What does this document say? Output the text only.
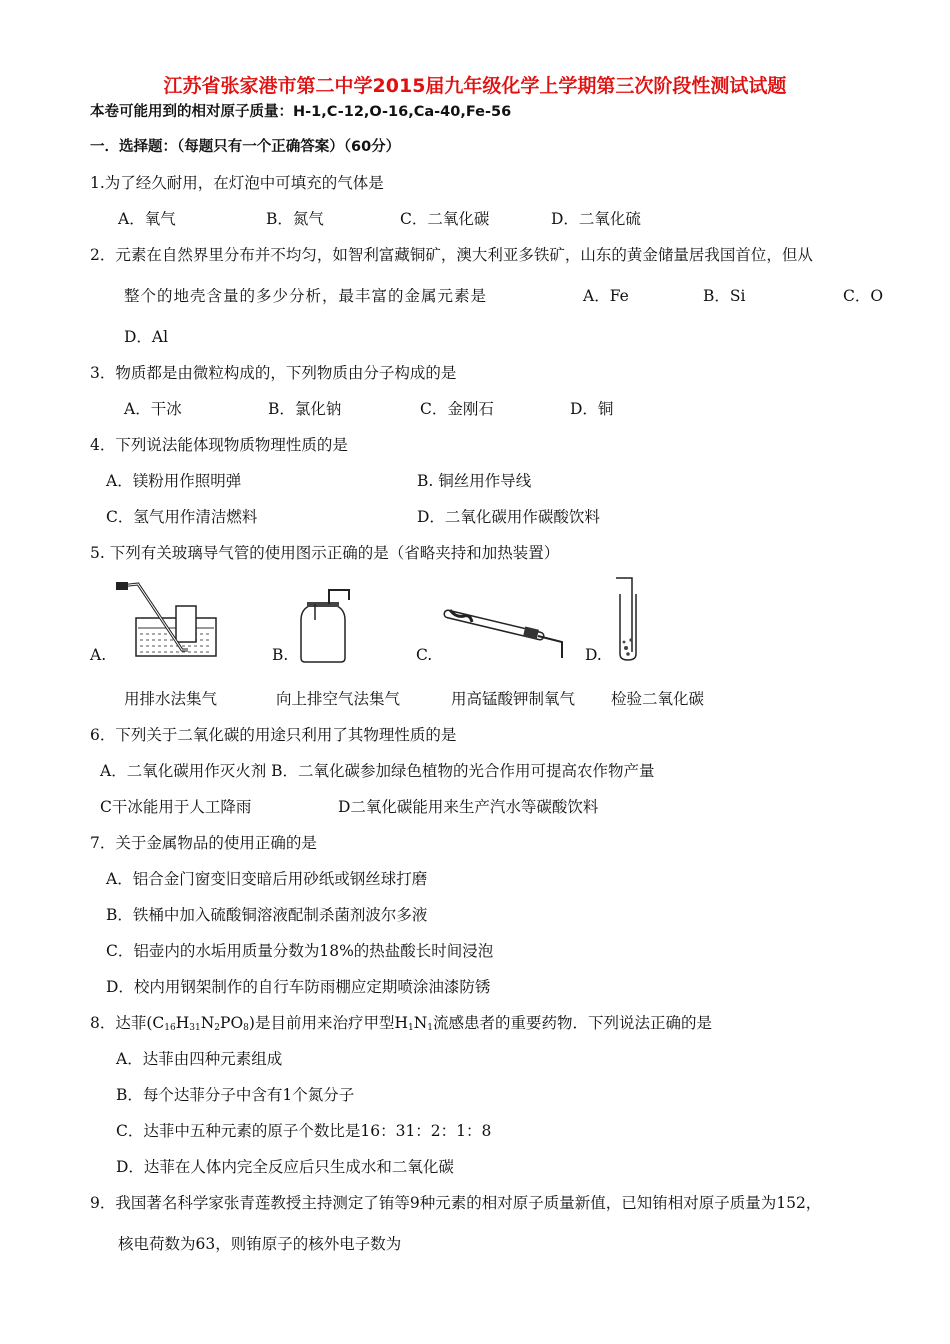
江苏省张家港市第二中学2015届九年级化学上学期第三次阶段性测试试题
本卷可能用到的相对原子质量：H-1,C-12,O-16,Ca-40,Fe-56
一．选择题：（每题只有一个正确答案）（60分）
1.为了经久耐用，在灯泡中可填充的气体是
A．氧气	B．氮气	C．二氧化碳	D．二氧化硫
2．元素在自然界里分布并不均匀，如智利富藏铜矿，澳大利亚多铁矿，山东的黄金储量居我国首位，但从
整个的地壳含量的多少分析，最丰富的金属元素是	A．Fe	B．Si	C．O
D．Al
3．物质都是由微粒构成的，下列物质由分子构成的是
A．干冰	B．氯化钠	C．金刚石	D．铜
4．下列说法能体现物质物理性质的是
A．镁粉用作照明弹	B. 铜丝用作导线
C．氢气用作清洁燃料	D．二氧化碳用作碳酸饮料
5. 下列有关玻璃导气管的使用图示正确的是（省略夹持和加热装置）
A.	B.	C.	D.
用排水法集气	向上排空气法集气	用高锰酸钾制氧气 检验二氧化碳
6．下列关于二氧化碳的用途只利用了其物理性质的是
A．二氧化碳用作灭火剂 B．二氧化碳参加绿色植物的光合作用可提高农作物产量
C干冰能用于人工降雨	D二氧化碳能用来生产汽水等碳酸饮料
7．关于金属物品的使用正确的是
A．铝合金门窗变旧变暗后用砂纸或钢丝球打磨
B．铁桶中加入硫酸铜溶液配制杀菌剂波尔多液
C．铝壶内的水垢用质量分数为18%的热盐酸长时间浸泡
D．校内用钢架制作的自行车防雨棚应定期喷涂油漆防锈
8．达菲$(C_{16}H_{31}N_2PO_8)$是目前用来治疗甲型$H_1N_1$流感患者的重要药物．下列说法正确的是
A．达菲由四种元素组成
B．每个达菲分子中含有1个氮分子
C．达菲中五种元素的原子个数比是16：31：2：1：8
D．达菲在人体内完全反应后只生成水和二氧化碳
9．我国著名科学家张青莲教授主持测定了铕等9种元素的相对原子质量新值，已知铕相对原子质量为152，
核电荷数为63，则铕原子的核外电子数为
